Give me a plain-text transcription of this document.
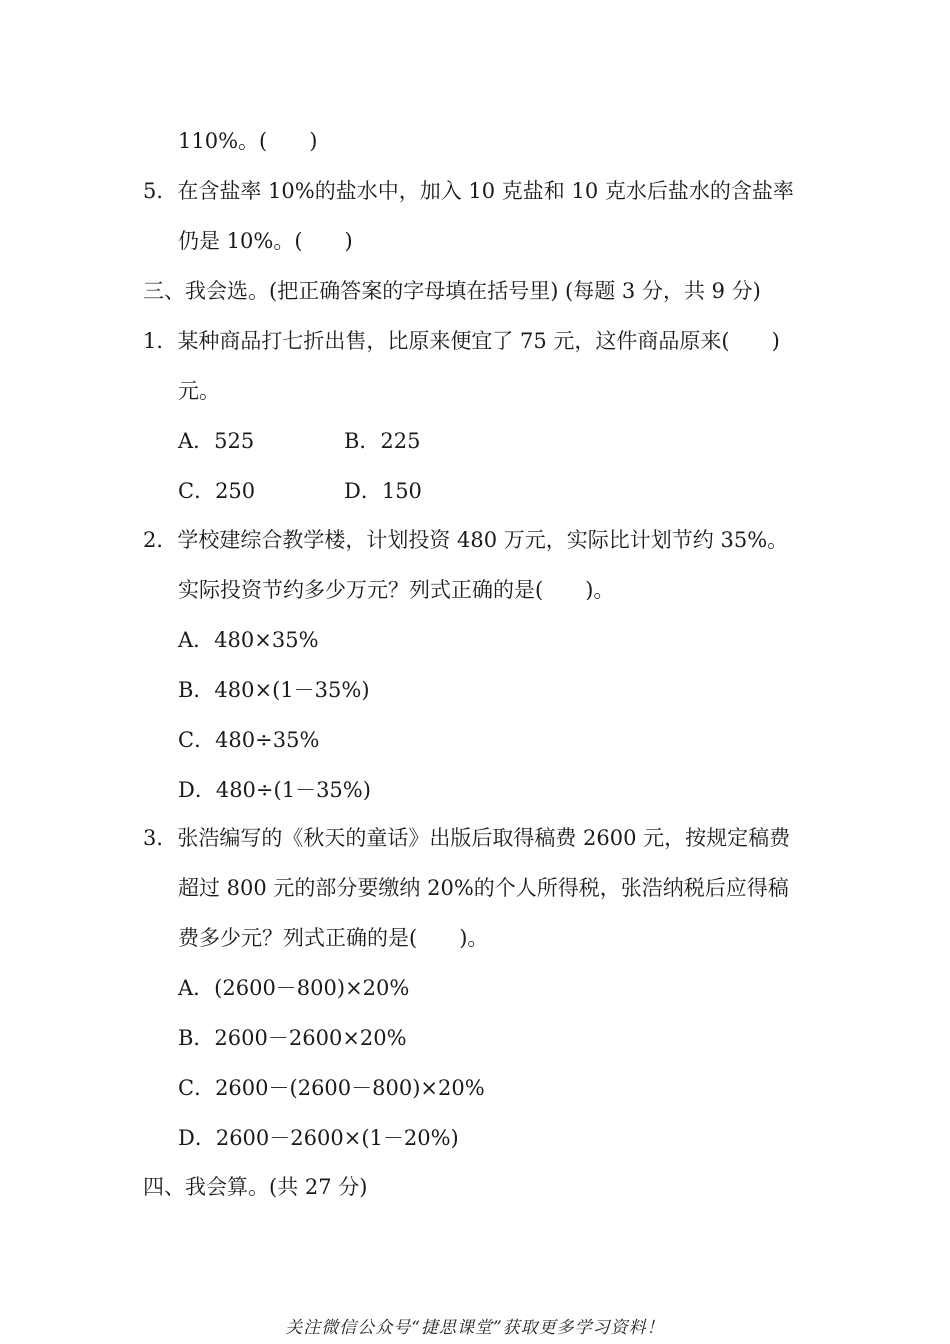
110%。(　　)
5．在含盐率 10%的盐水中，加入 10 克盐和 10 克水后盐水的含盐率
仍是 10%。(　　)
三、我会选。(把正确答案的字母填在括号里) (每题 3 分，共 9 分)
1．某种商品打七折出售，比原来便宜了 75 元，这件商品原来(　　)
元。
A．525	B．225
C．250	D．150
2．学校建综合教学楼，计划投资 480 万元，实际比计划节约 35%。
实际投资节约多少万元？列式正确的是(　　)。
A．480×35%
B．480×(1－35%)
C．480÷35%
D．480÷(1－35%)
3．张浩编写的《秋天的童话》出版后取得稿费 2600 元，按规定稿费
超过 800 元的部分要缴纳 20%的个人所得税，张浩纳税后应得稿
费多少元？列式正确的是(　　)。
A．(2600－800)×20%
B．2600－2600×20%
C．2600－(2600－800)×20%
D．2600－2600×(1－20%)
四、我会算。(共 27 分)
关注微信公众号“捷思课堂”获取更多学习资料！
